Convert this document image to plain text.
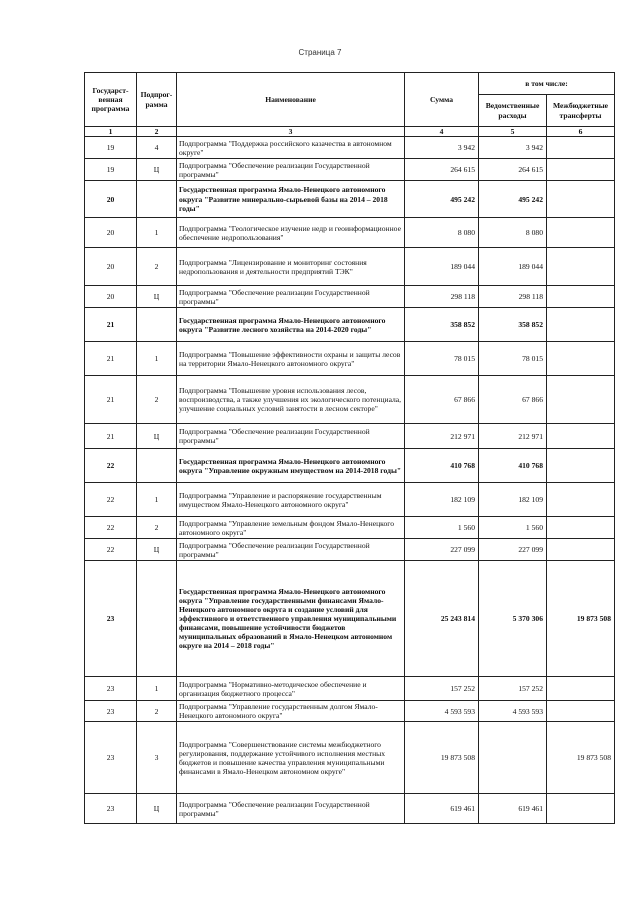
Страница 7
Государст-венная программа	Подпрог-рамма	Наименование	Сумма	в том числе:	
				Ведомственные расходы	Межбюджетные трансферты
1	2	3	4	5	6
19	4	Подпрограмма "Поддержка российского казачества в автономном округе"	3 942	3 942	
19	Ц	Подпрограмма "Обеспечение реализации Государственной программы"	264 615	264 615	
20		Государственная программа Ямало-Ненецкого автономного округа "Развитие минерально-сырьевой базы на 2014 – 2018 годы"	495 242	495 242	
20	1	Подпрограмма "Геологическое изучение недр и геоинформационное обеспечение недропользования"	8 080	8 080	
20	2	Подпрограмма "Лицензирование и мониторинг состояния недропользования и деятельности предприятий ТЭК"	189 044	189 044	
20	Ц	Подпрограмма "Обеспечение реализации Государственной программы"	298 118	298 118	
21		Государственная программа Ямало-Ненецкого автономного округа "Развитие лесного хозяйства на 2014-2020 годы"	358 852	358 852	
21	1	Подпрограмма "Повышение эффективности охраны и защиты лесов на территории Ямало-Ненецкого автономного округа"	78 015	78 015	
21	2	Подпрограмма "Повышение уровня использования лесов, воспроизводства, а также улучшения их экологического потенциала, улучшение социальных условий занятости в лесном секторе"	67 866	67 866	
21	Ц	Подпрограмма "Обеспечение реализации Государственной программы"	212 971	212 971	
22		Государственная программа Ямало-Ненецкого автономного округа "Управление окружным имуществом на 2014-2018 годы"	410 768	410 768	
22	1	Подпрограмма "Управление и распоряжение государственным имуществом Ямало-Ненецкого автономного округа"	182 109	182 109	
22	2	Подпрограмма "Управление земельным фондом Ямало-Ненецкого автономного округа"	1 560	1 560	
22	Ц	Подпрограмма "Обеспечение реализации Государственной программы"	227 099	227 099	
23		Государственная программа Ямало-Ненецкого автономного округа "Управление государственными финансами Ямало-Ненецкого автономного округа и создание условий для эффективного и ответственного управления муниципальными финансами, повышение устойчивости бюджетов муниципальных образований в Ямало-Ненецком автономном округе на 2014 – 2018 годы"	25 243 814	5 370 306	19 873 508
23	1	Подпрограмма "Нормативно-методическое обеспечение и организация бюджетного процесса"	157 252	157 252	
23	2	Подпрограмма "Управление государственным долгом Ямало-Ненецкого автономного округа"	4 593 593	4 593 593	
23	3	Подпрограмма "Совершенствование системы межбюджетного регулирования, поддержание устойчивого исполнения местных бюджетов и повышение качества управления муниципальными финансами в Ямало-Ненецком автономном округе"	19 873 508		19 873 508
23	Ц	Подпрограмма "Обеспечение реализации Государственной программы"	619 461	619 461	
